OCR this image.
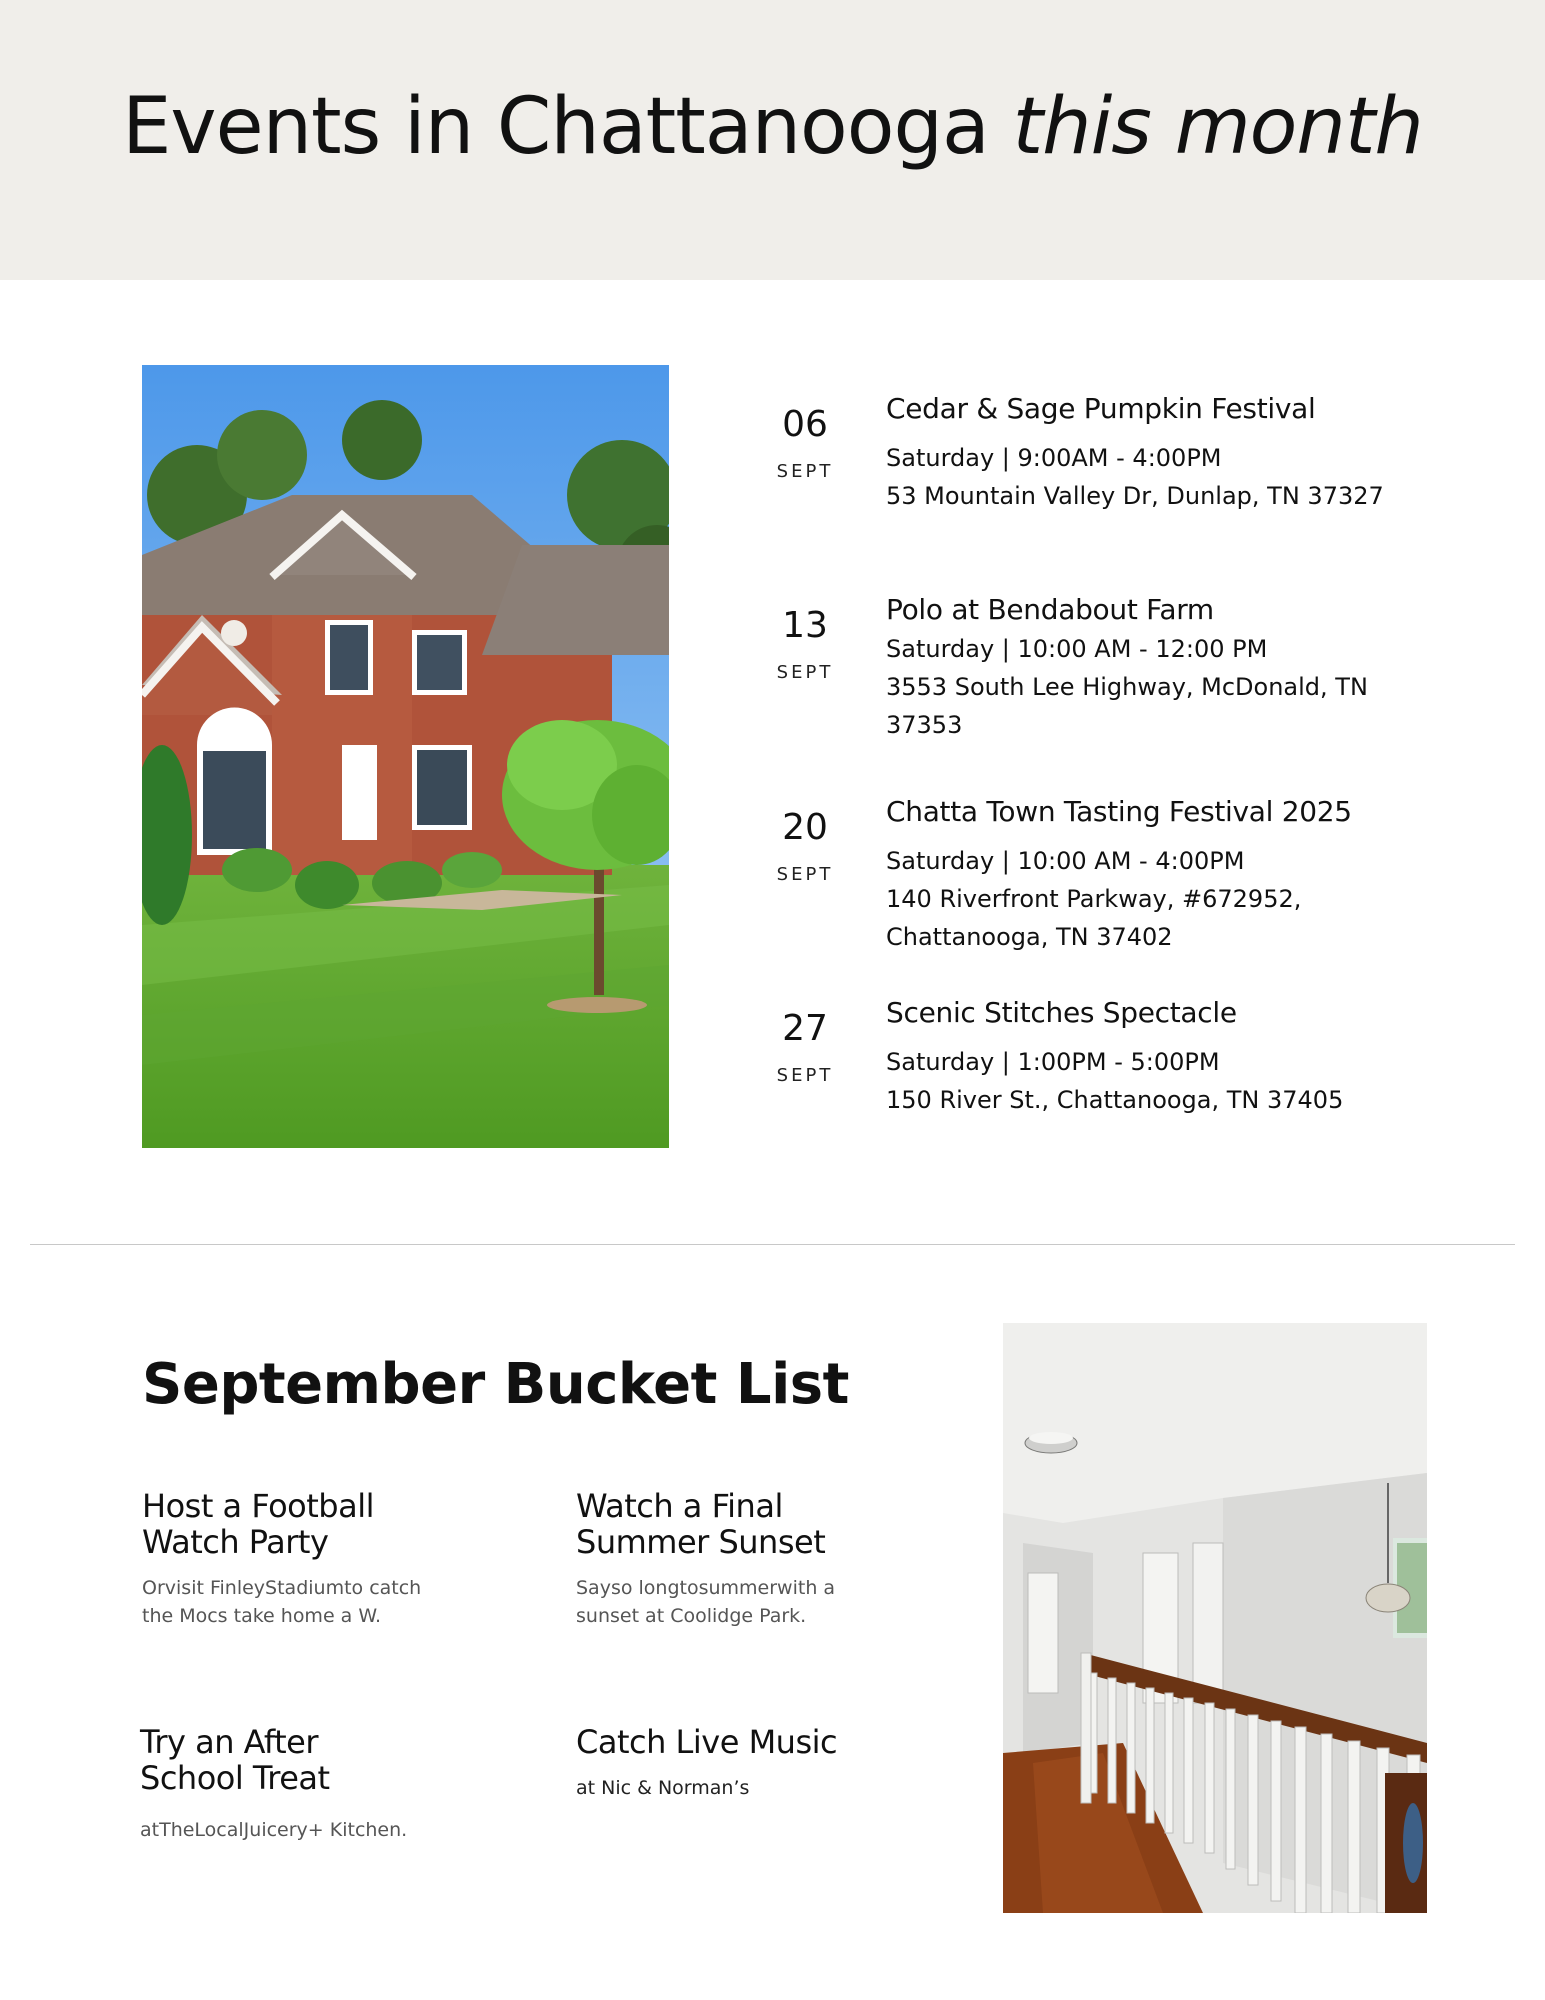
Events in Chattanooga this month
06
SEPT

Cedar & Sage Pumpkin Festival

Saturday | 9:00AM - 4:00PM

53 Mountain Valley Dr, Dunlap, TN 37327

13
SEPT

Polo at Bendabout Farm

Saturday | 10:00 AM - 12:00 PM

3553 South Lee Highway, McDonald, TN 37353

20
SEPT

Chatta Town Tasting Festival 2025

Saturday | 10:00 AM - 4:00PM

140 Riverfront Parkway, #672952, Chattanooga, TN 37402

27
SEPT

Scenic Stitches Spectacle

Saturday | 1:00PM - 5:00PM

150 River St., Chattanooga, TN 37405

September Bucket List

Host a Football Watch Party

Orvisit FinleyStadiumto catch the Mocs take home a W.

Watch a Final Summer Sunset

Sayso longtosummerwith a sunset at Coolidge Park.

Try an After School Treat

atTheLocalJuicery+ Kitchen.

Catch Live Music

at Nic & Norman’s
